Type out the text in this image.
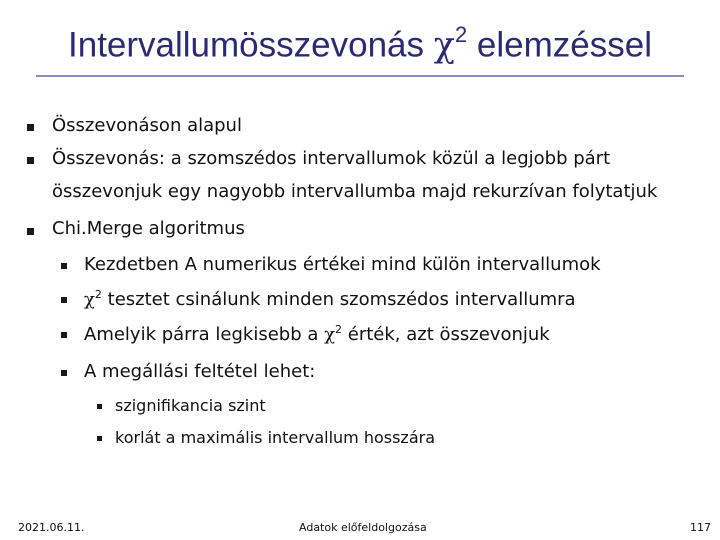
Intervallumösszevonás $\chi^2$ elemzéssel
Összevonáson alapul
Összevonás: a szomszédos intervallumok közül a legjobb párt
összevonjuk egy nagyobb intervallumba majd rekurzívan folytatjuk
Chi.Merge algoritmus
Kezdetben A numerikus értékei mind külön intervallumok
$\chi^2$ tesztet csinálunk minden szomszédos intervallumra
Amelyik párra legkisebb a $\chi^2$ érték, azt összevonjuk
A megállási feltétel lehet:
szignifikancia szint
korlát a maximális intervallum hosszára
2021.06.11.	Adatok előfeldolgozása	117
